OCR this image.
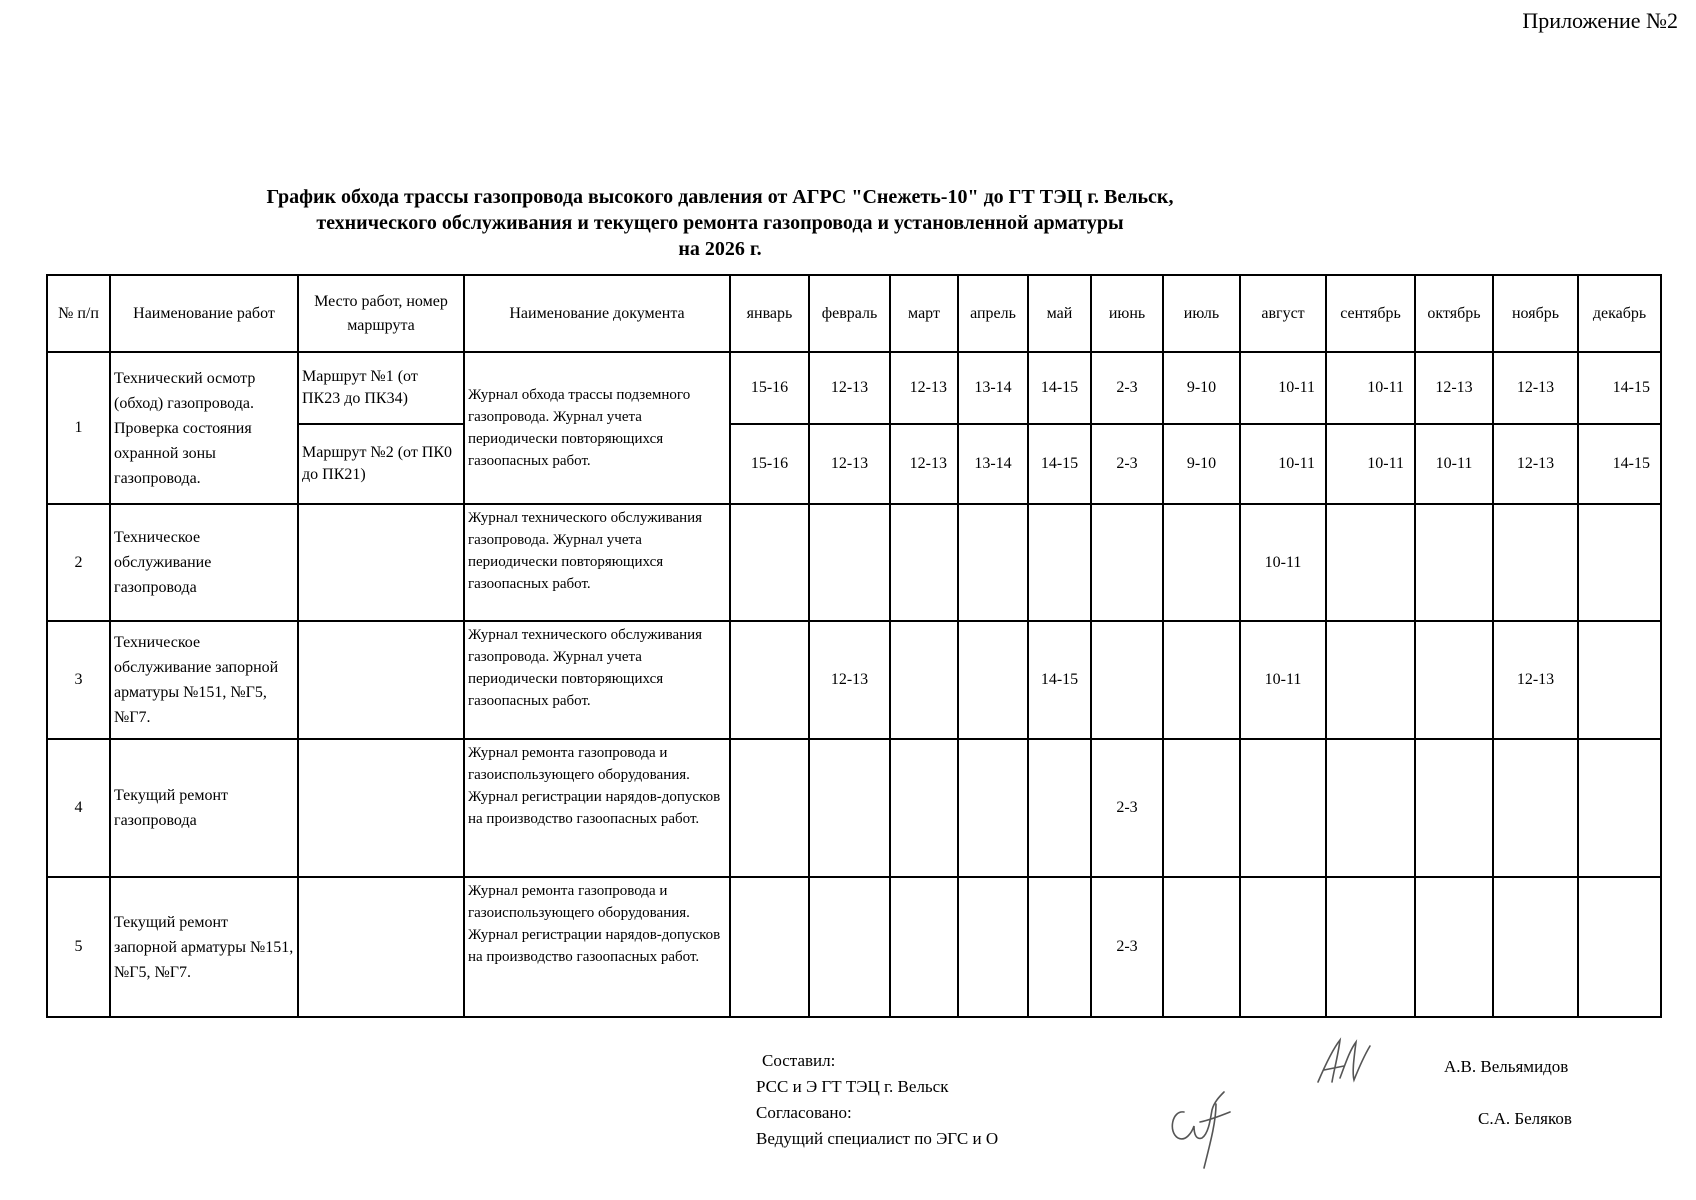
Приложение №2
График обхода трассы газопровода высокого давления от АГРС "Снежеть-10" до ГТ ТЭЦ г. Вельск,
технического обслуживания и текущего ремонта газопровода и установленной арматуры
на 2026 г.
№ п/п	Наименование работ	Место работ, номер маршрута	Наименование документа	январь	февраль	март	апрель	май	июнь	июль	август	сентябрь	октябрь	ноябрь	декабрь
1	Технический осмотр (обход) газопровода. Проверка состояния охранной зоны газопровода.	Маршрут №1 (от ПК23 до ПК34)	Журнал обхода трассы подземного газопровода. Журнал учета периодически повторяющихся газоопасных работ.	15-16	12-13	12-13	13-14	14-15	2-3	9-10	10-11	10-11	12-13	12-13	14-15
		Маршрут №2 (от ПК0 до ПК21)		15-16	12-13	12-13	13-14	14-15	2-3	9-10	10-11	10-11	10-11	12-13	14-15
2	Техническое обслуживание газопровода		Журнал технического обслуживания газопровода. Журнал учета периодически повторяющихся газоопасных работ.								10-11				
3	Техническое обслуживание запорной арматуры №151, №Г5, №Г7.		Журнал технического обслуживания газопровода. Журнал учета периодически повторяющихся газоопасных работ.		12-13			14-15			10-11			12-13	
4	Текущий ремонт газопровода		Журнал ремонта газопровода и газоиспользующего оборудования. Журнал регистрации нарядов-допусков на производство газоопасных работ.						2-3						
5	Текущий ремонт запорной арматуры №151, №Г5, №Г7.		Журнал ремонта газопровода и газоиспользующего оборудования. Журнал регистрации нарядов-допусков на производство газоопасных работ.						2-3						
Составил:
РСС и Э ГТ ТЭЦ г. Вельск
Согласовано:
Ведущий специалист по ЭГС и О
А.В. Вельямидов
С.А. Беляков
